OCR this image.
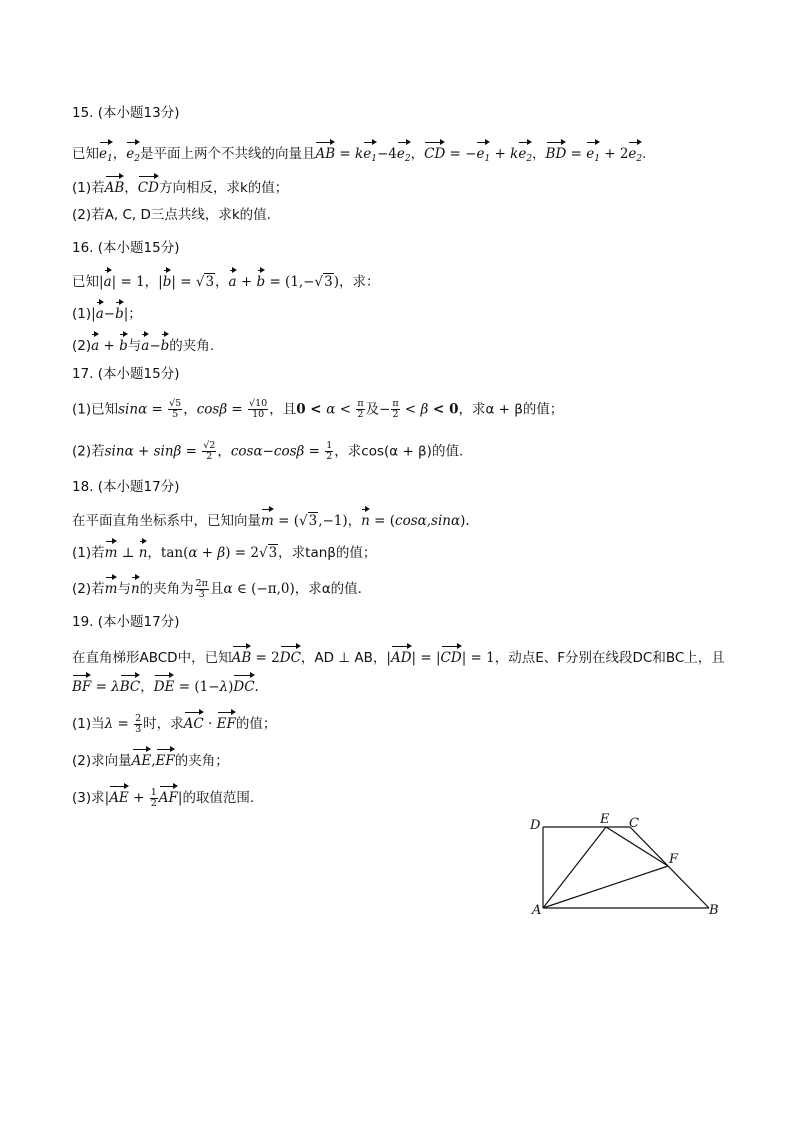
15. (本小题13分)
已知$e_1$，$e_2$是平面上两个不共线的向量且AB = $ke_1-4e_2$，CD = $-e_1 + ke_2$，BD = $e_1 + 2e_2$.
(1)若AB，CD方向相反，求k的值；
(2)若A, C, D三点共线，求k的值.
16. (本小题15分)
已知|a| = 1，|b| = √3，a + b = (1,−√3)，求：
(1)|a−b|；
(2)a + b与a−b的夹角.
17. (本小题15分)
(1)已知$\sin\alpha = \frac{√5}{5}$ ，$\cos\beta = \frac{√10}{10}$ ，且$0 < \alpha < \frac{\pi}{2}$ 及− $\frac{\pi}{2} < \beta < 0$，求α + β的值；
(2)若$\sin\alpha + \sin\beta = \frac{√2}{2}$ ，$\cos\alpha-\cos\beta = \frac{1}{2}$ ，求cos(α + β)的值.
18. (本小题17分)
在平面直角坐标系中，已知向量m = (√3,−1)，n = (cosα,sinα).
(1)若m ⊥ n，tan(α + β) = 2√3，求tanβ的值；
(2)若m与n的夹角为 $\frac{2\pi}{3}$ 且α ∈ (−π,0)，求α的值.
19. (本小题17分)
在直角梯形ABCD中，已知AB = 2DC，AD ⊥ AB，|AD| = |CD| = 1，动点E、F分别在线段DC和BC上，且
BF = λBC，DE = (1−λ)DC.
(1)当$\lambda = \frac{2}{3}$ 时，求AC · EF的值；
(2)求向量AE,EF的夹角；
(3)求$|AE + \frac{1}{2} AF|$的取值范围.
D	E C
F
A	B
